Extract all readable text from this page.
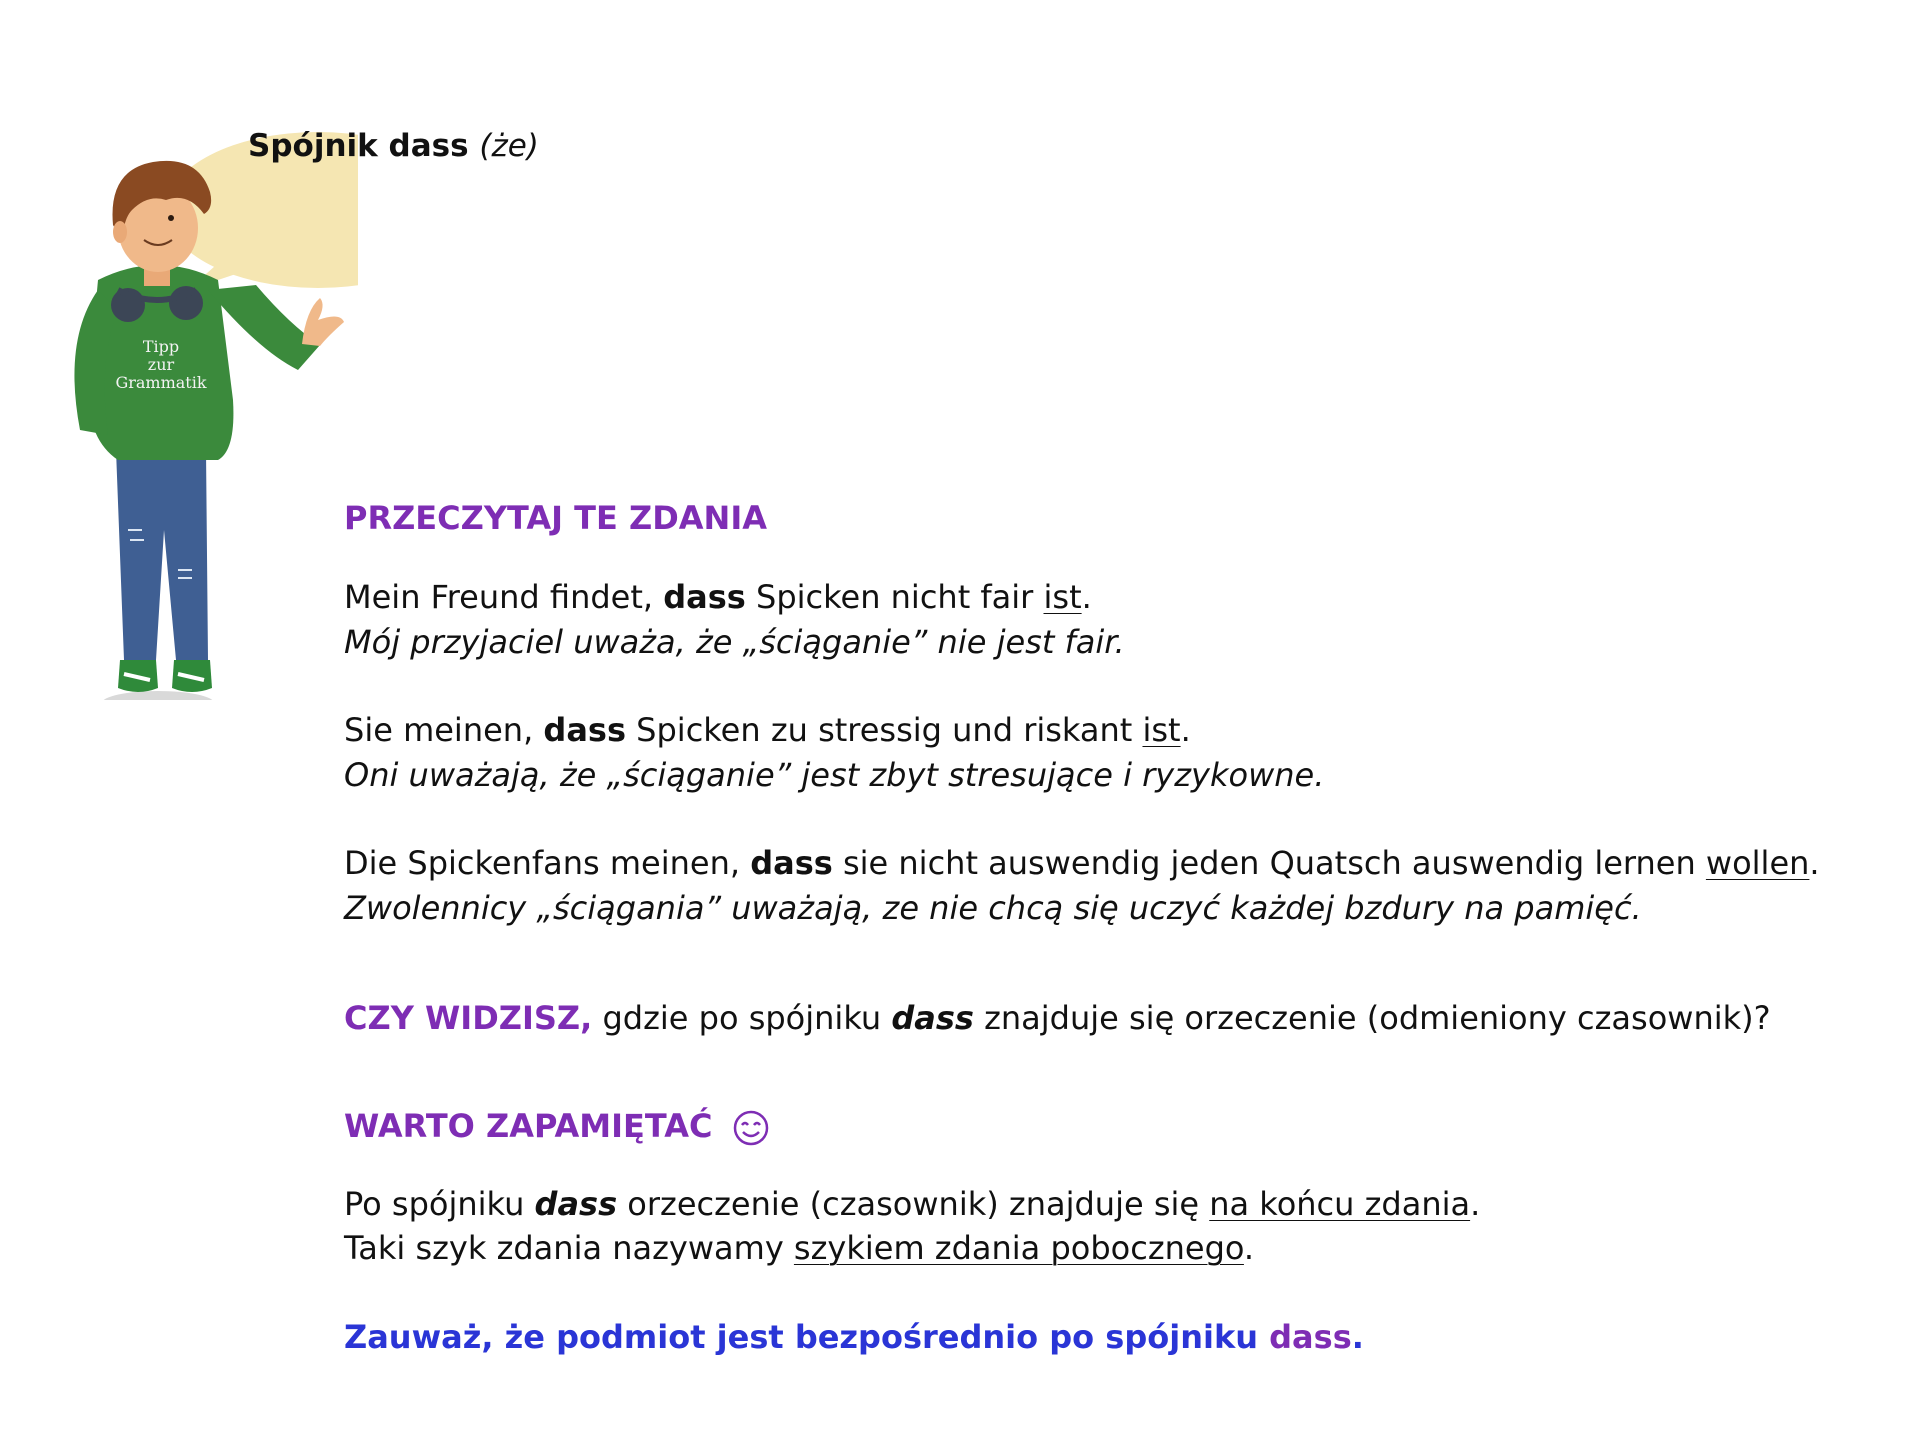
Tipp
zur
Grammatik
Spójnik dass (że)
PRZECZYTAJ TE ZDANIA
Mein Freund findet, dass Spicken nicht fair ist.
Mój przyjaciel uważa, że „ściąganie” nie jest fair.
Sie meinen, dass Spicken zu stressig und riskant ist.
Oni uważają, że „ściąganie” jest zbyt stresujące i ryzykowne.
Die Spickenfans meinen, dass sie nicht auswendig jeden Quatsch auswendig lernen wollen.
Zwolennicy „ściągania” uważają, ze nie chcą się uczyć każdej bzdury na pamięć.
CZY WIDZISZ, gdzie po spójniku dass znajduje się orzeczenie (odmieniony czasownik)?
WARTO ZAPAMIĘTAĆ
Po spójniku dass orzeczenie (czasownik) znajduje się na końcu zdania.
Taki szyk zdania nazywamy szykiem zdania pobocznego.
Zauważ, że podmiot jest bezpośrednio po spójniku dass.
